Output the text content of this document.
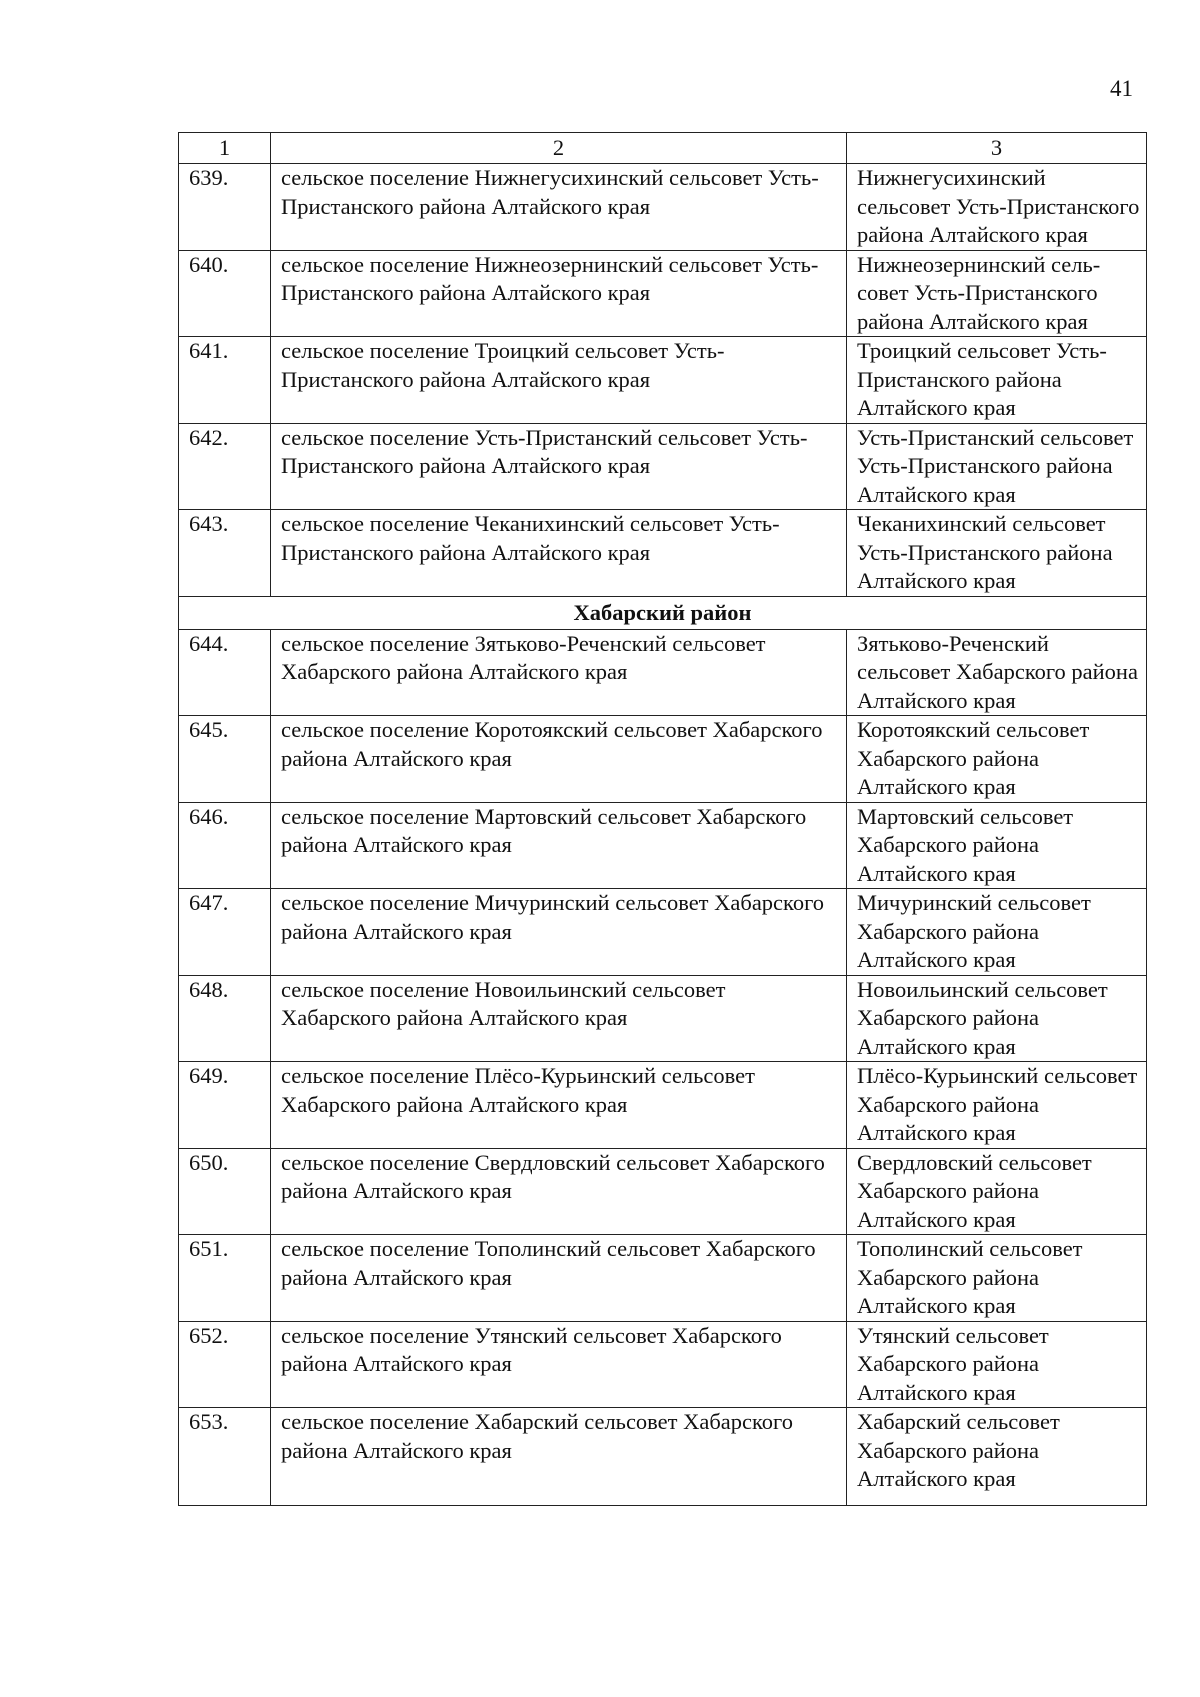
41
1	2	3
639.	сельское поселение Нижнегусихинский сельсовет Усть-Пристанского района Алтайского края	Нижнегусихинский сельсовет Усть-Пристанского района Алтайского края
640.	сельское поселение Нижнеозернинский сельсовет Усть-Пристанского района Алтайского края	Нижнеозернинский сель-совет Усть-Пристанского района Алтайского края
641.	сельское поселение Троицкий сельсовет Усть-Пристанского района Алтайского края	Троицкий сельсовет Усть-Пристанского района Алтайского края
642.	сельское поселение Усть-Пристанский сельсовет Усть-Пристанского района Алтайского края	Усть-Пристанский сельсовет Усть-Пристанского района Алтайского края
643.	сельское поселение Чеканихинский сельсовет Усть-Пристанского района Алтайского края	Чеканихинский сельсовет Усть-Пристанского района Алтайского края
Хабарский район		
644.	сельское поселение Зятьково-Реченский сельсовет Хабарского района Алтайского края	Зятьково-Реченский сельсовет Хабарского района Алтайского края
645.	сельское поселение Коротоякский сельсовет Хабарского района Алтайского края	Коротоякский сельсовет Хабарского района Алтайского края
646.	сельское поселение Мартовский сельсовет Хабарского района Алтайского края	Мартовский сельсовет Хабарского района Алтайского края
647.	сельское поселение Мичуринский сельсовет Хабарского района Алтайского края	Мичуринский сельсовет Хабарского района Алтайского края
648.	сельское поселение Новоильинский сельсовет Хабарского района Алтайского края	Новоильинский сельсовет Хабарского района Алтайского края
649.	сельское поселение Плёсо-Курьинский сельсовет Хабарского района Алтайского края	Плёсо-Курьинский сельсовет Хабарского района Алтайского края
650.	сельское поселение Свердловский сельсовет Хабарского района Алтайского края	Свердловский сельсовет Хабарского района Алтайского края
651.	сельское поселение Тополинский сельсовет Хабарского района Алтайского края	Тополинский сельсовет Хабарского района Алтайского края
652.	сельское поселение Утянский сельсовет Хабарского района Алтайского края	Утянский сельсовет Хабарского района Алтайского края
653.	сельское поселение Хабарский сельсовет Хабарского района Алтайского края	Хабарский сельсовет Хабарского района Алтайского края
